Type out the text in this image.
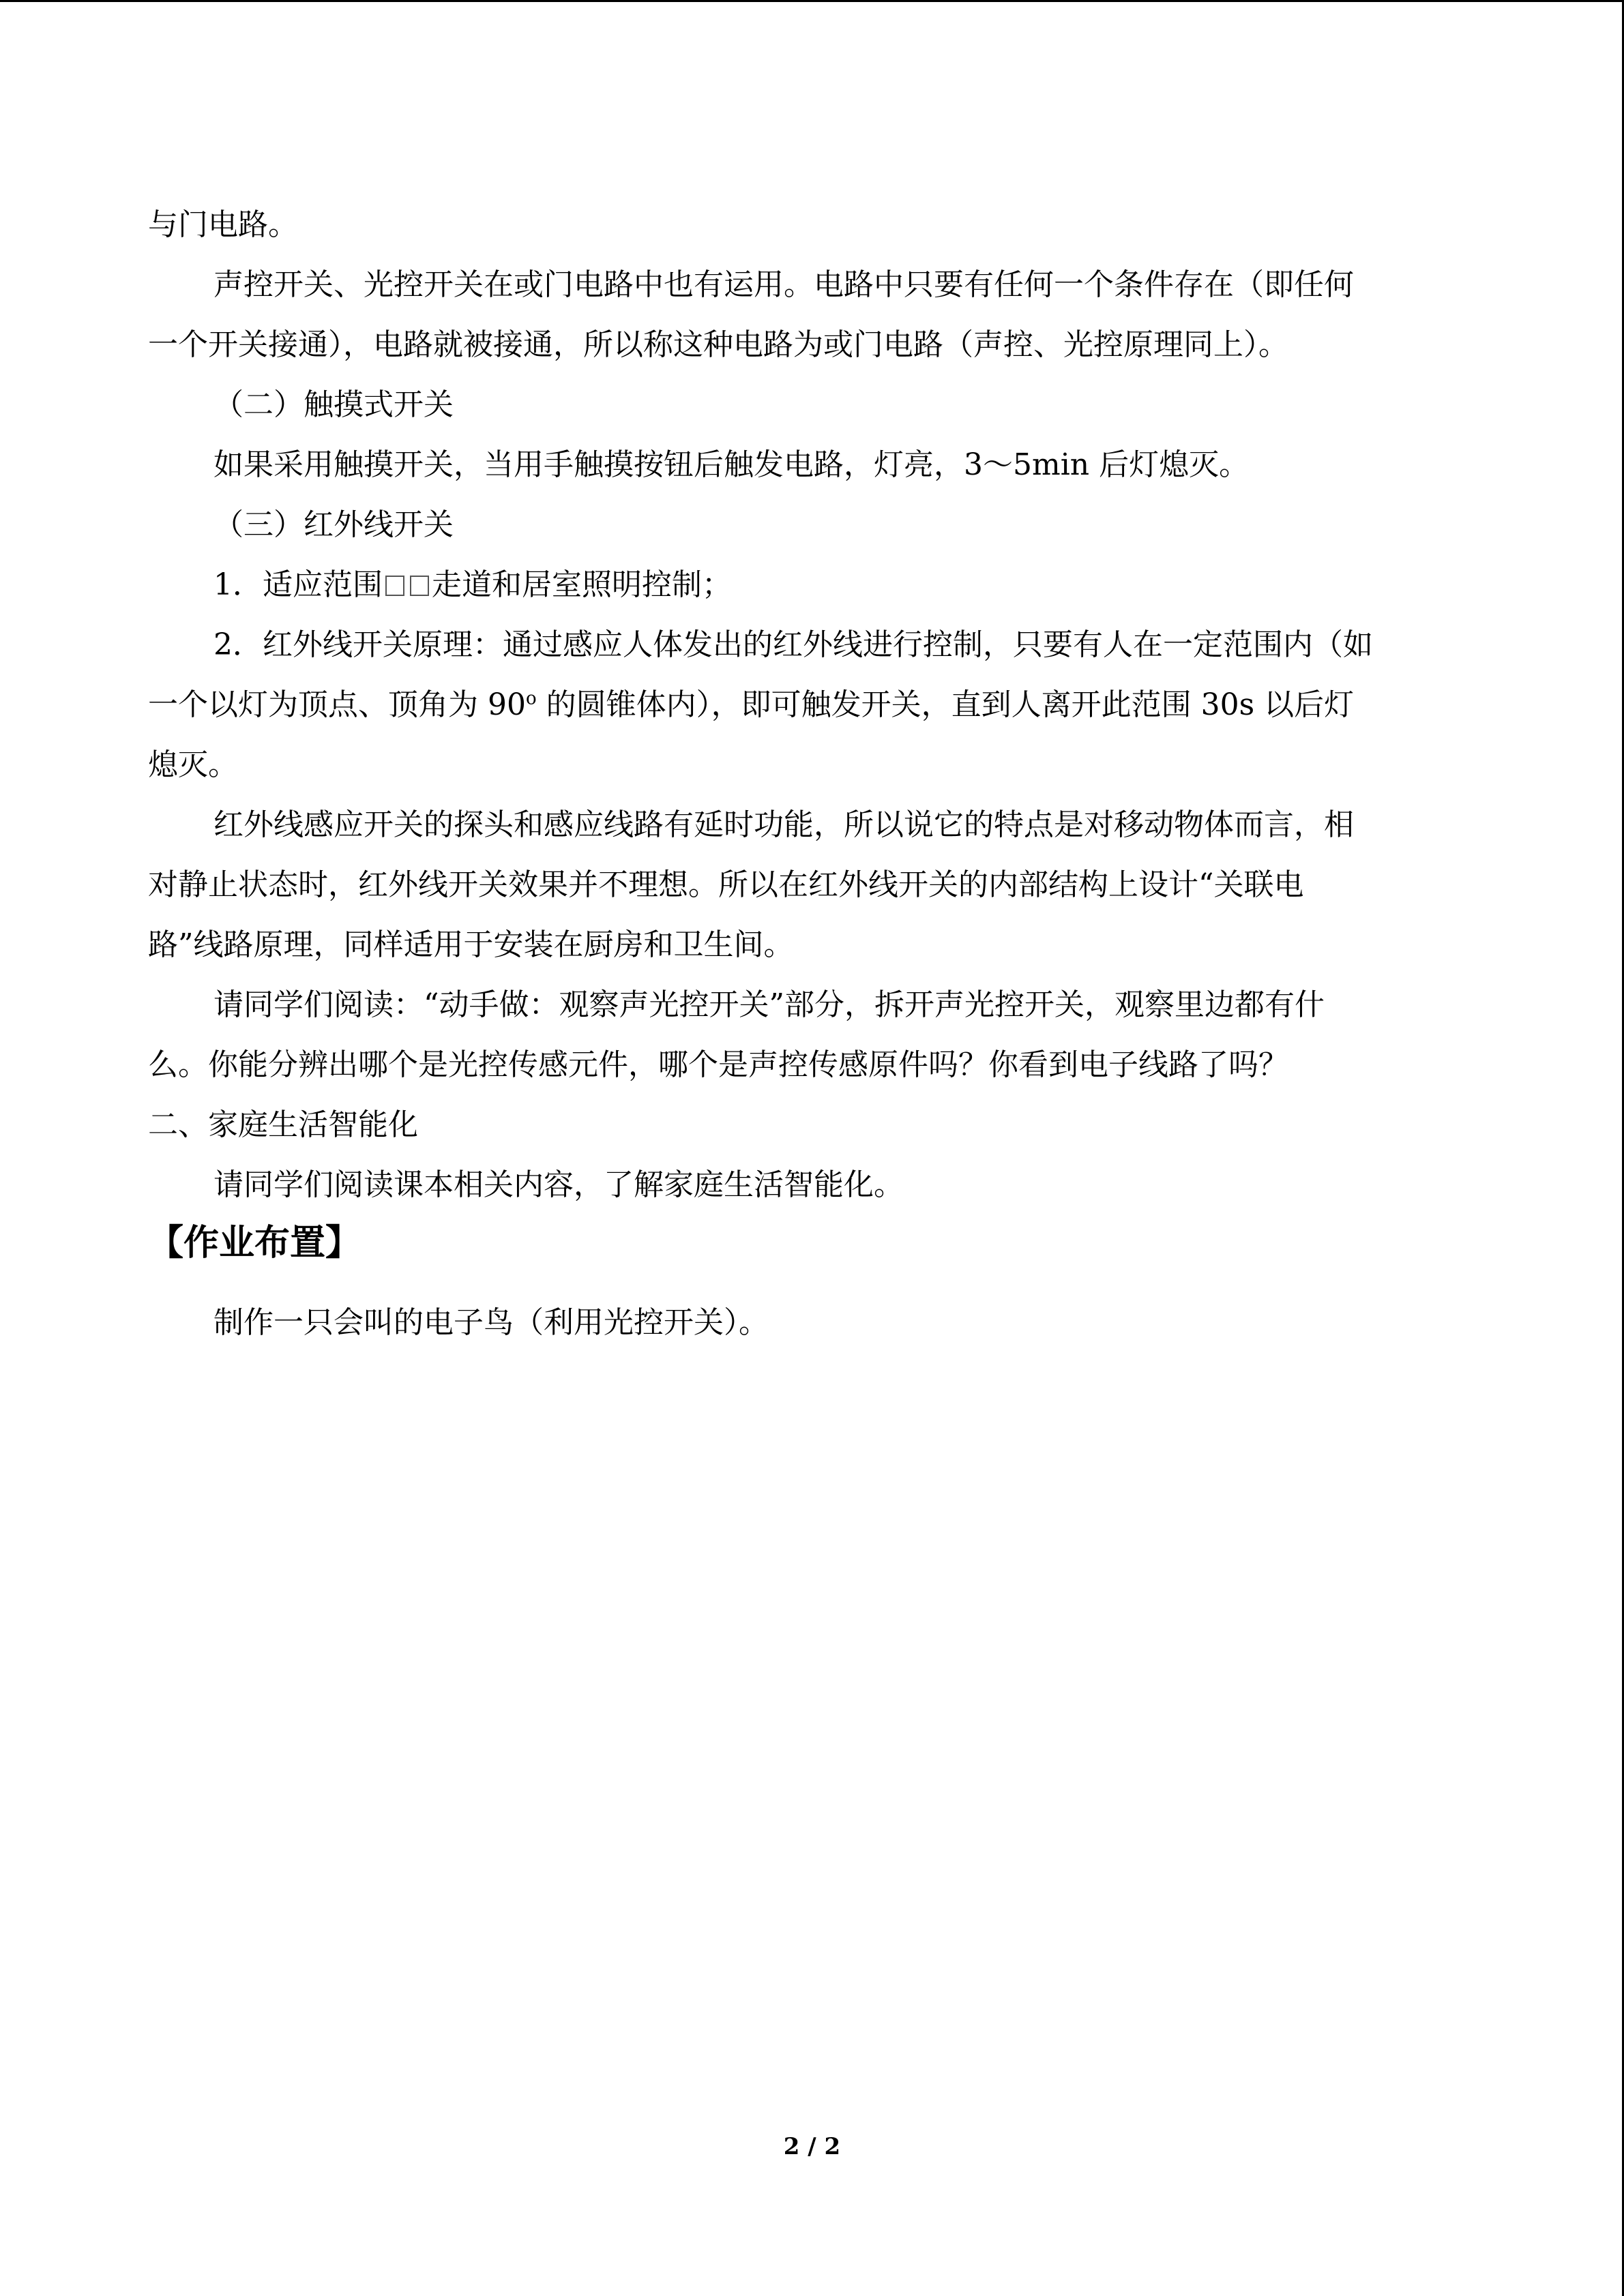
与门电路。
声控开关、光控开关在或门电路中也有运用。电路中只要有任何一个条件存在（即任何
一个开关接通），电路就被接通，所以称这种电路为或门电路（声控、光控原理同上）。
（二）触摸式开关
如果采用触摸开关，当用手触摸按钮后触发电路，灯亮，3～5min 后灯熄灭。
（三）红外线开关
1．适应范围 走道和居室照明控制；
2．红外线开关原理：通过感应人体发出的红外线进行控制，只要有人在一定范围内（如
一个以灯为顶点、顶角为 90$^o$ 的圆锥体内），即可触发开关，直到人离开此范围 30s 以后灯
熄灭。
红外线感应开关的探头和感应线路有延时功能，所以说它的特点是对移动物体而言，相
对静止状态时，红外线开关效果并不理想。所以在红外线开关的内部结构上设计“关联电
路”线路原理，同样适用于安装在厨房和卫生间。
请同学们阅读：“动手做：观察声光控开关”部分，拆开声光控开关，观察里边都有什
么。你能分辨出哪个是光控传感元件，哪个是声控传感原件吗？你看到电子线路了吗？
二、家庭生活智能化
请同学们阅读课本相关内容，了解家庭生活智能化。
【作业布置】
制作一只会叫的电子鸟（利用光控开关）。
2 / 2
